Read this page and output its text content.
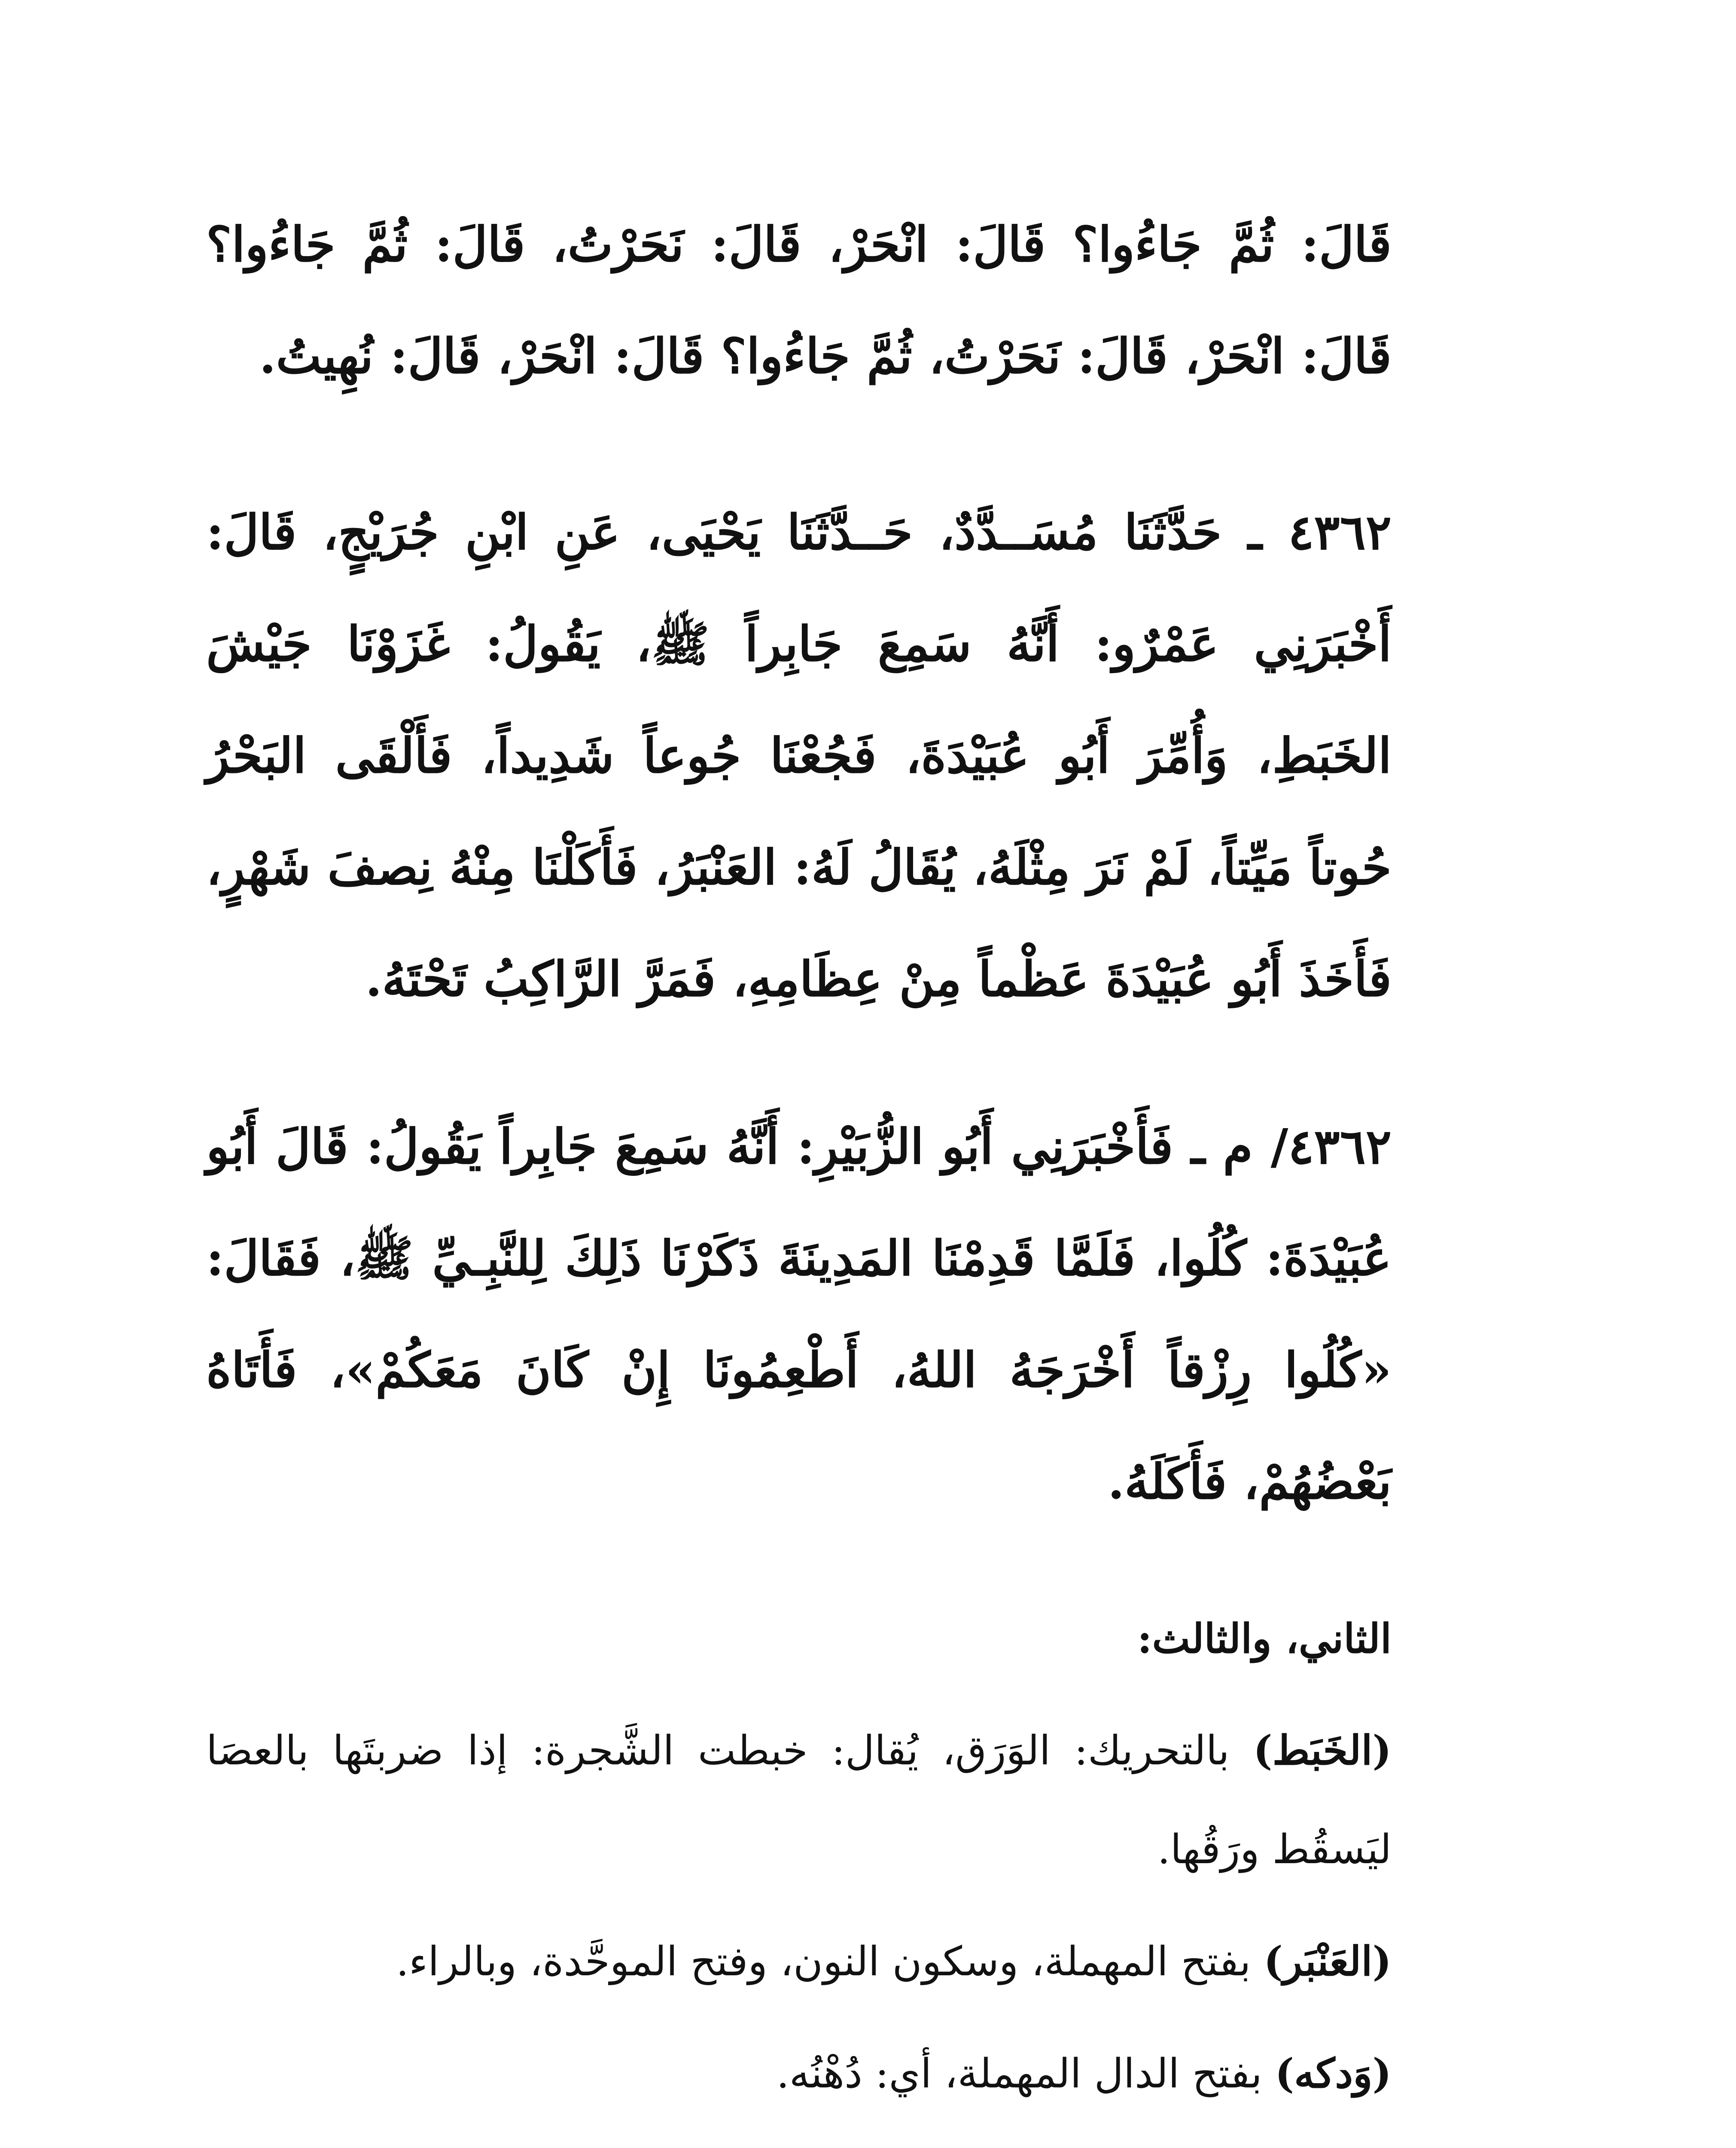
قَالَ: ثُمَّ جَاءُوا؟ قَالَ: انْحَرْ، قَالَ: نَحَرْتُ، قَالَ: ثُمَّ جَاءُوا؟ قَالَ: انْحَرْ، قَالَ: نَحَرْتُ، ثُمَّ جَاءُوا؟ قَالَ: انْحَرْ، قَالَ: نُهِيتُ.

٤٣٦٢ ـ حَدَّثَنَا مُسَــدَّدٌ، حَــدَّثَنَا يَحْيَى، عَنِ ابْنِ جُرَيْجٍ، قَالَ: أَخْبَرَنِي عَمْرٌو: أَنَّهُ سَمِعَ جَابِراً ﷺ، يَقُولُ: غَزَوْنَا جَيْشَ الخَبَطِ، وَأُمِّرَ أَبُو عُبَيْدَةَ، فَجُعْنَا جُوعاً شَدِيداً، فَأَلْقَى البَحْرُ حُوتاً مَيِّتاً، لَمْ نَرَ مِثْلَهُ، يُقَالُ لَهُ: العَنْبَرُ، فَأَكَلْنَا مِنْهُ نِصفَ شَهْرٍ، فَأَخَذَ أَبُو عُبَيْدَةَ عَظْماً مِنْ عِظَامِهِ، فَمَرَّ الرَّاكِبُ تَحْتَهُ.

٤٣٦٢/ م ـ فَأَخْبَرَنِي أَبُو الزُّبَيْرِ: أَنَّهُ سَمِعَ جَابِراً يَقُولُ: قَالَ أَبُو عُبَيْدَةَ: كُلُوا، فَلَمَّا قَدِمْنَا المَدِينَةَ ذَكَرْنَا ذَلِكَ لِلنَّبِـيِّ ﷺ، فَقَالَ: «كُلُوا رِزْقاً أَخْرَجَهُ اللهُ، أَطْعِمُونَا إِنْ كَانَ مَعَكُمْ»، فَأَتَاهُ بَعْضُهُمْ، فَأَكَلَهُ.

الثاني، والثالث:

(الخَبَط) بالتحريك: الوَرَق، يُقال: خبطت الشَّجرة: إذا ضربتَها بالعصَا ليَسقُط ورَقُها.

(العَنْبَر) بفتح المهملة، وسكون النون، وفتح الموحَّدة، وبالراء.

(وَدكه) بفتح الدال المهملة، أي: دُهْنُه.
